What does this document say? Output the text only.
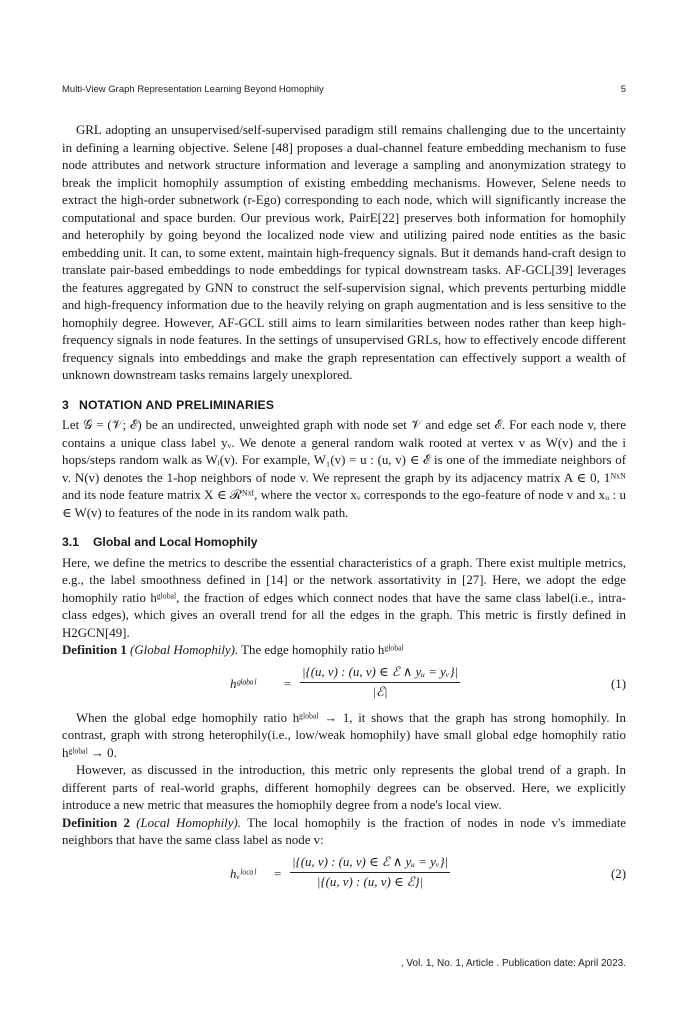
Multi-View Graph Representation Learning Beyond Homophily	5

GRL adopting an unsupervised/self-supervised paradigm still remains challenging due to the uncertainty in defining a learning objective. Selene [48] proposes a dual-channel feature embedding mechanism to fuse node attributes and network structure information and leverage a sampling and anonymization strategy to break the implicit homophily assumption of existing embedding mechanisms. However, Selene needs to extract the high-order subnetwork (r-Ego) corresponding to each node, which will significantly increase the computational and space burden. Our previous work, PairE[22] preserves both information for homophily and heterophily by going beyond the localized node view and utilizing paired node entities as the basic embedding unit. It can, to some extent, maintain high-frequency signals. But it demands hand-craft design to translate pair-based embeddings to node embeddings for typical downstream tasks. AF-GCL[39] leverages the features aggregated by GNN to construct the self-supervision signal, which prevents perturbing middle and high-frequency information due to the heavily relying on graph augmentation and is less sensitive to the homophily degree. However, AF-GCL still aims to learn similarities between nodes rather than keep high-frequency signals in node features. In the settings of unsupervised GRLs, how to effectively encode different frequency signals into embeddings and make the graph representation can effectively support a wealth of unknown downstream tasks remains largely unexplored.

3 NOTATION AND PRELIMINARIES

Let 𝒢 = (𝒱; ℰ) be an undirected, unweighted graph with node set 𝒱 and edge set ℰ. For each node v, there contains a unique class label yᵥ. We denote a general random walk rooted at vertex v as W(v) and the i hops/steps random walk as Wᵢ(v). For example, W₁(v) = u : (u, v) ∈ ℰ is one of the immediate neighbors of v. N(v) denotes the 1-hop neighbors of node v. We represent the graph by its adjacency matrix A ∈ 0, 1ᴺˣᴺ and its node feature matrix X ∈ ℛᴺˣᶠ, where the vector xᵥ corresponds to the ego-feature of node v and xᵤ : u ∈ W(v) to features of the node in its random walk path.

3.1 Global and Local Homophily

Here, we define the metrics to describe the essential characteristics of a graph. There exist multiple metrics, e.g., the label smoothness defined in [14] or the network assortativity in [27]. Here, we adopt the edge homophily ratio hᵍˡᵒᵇᵃˡ, the fraction of edges which connect nodes that have the same class label(i.e., intra-class edges), which gives an overall trend for all the edges in the graph. This metric is firstly defined in H2GCN[49].

Definition 1 (Global Homophily). The edge homophily ratio hᵍˡᵒᵇᵃˡ

hᵍˡᵒᵇᵃˡ =
|{(u, v) : (u, v) ∈ ℰ ∧ yᵤ = yᵥ}|
|ℰ|
(1)

When the global edge homophily ratio hᵍˡᵒᵇᵃˡ → 1, it shows that the graph has strong homophily. In contrast, graph with strong heterophily(i.e., low/weak homophily) have small global edge homophily ratio hᵍˡᵒᵇᵃˡ → 0.

However, as discussed in the introduction, this metric only represents the global trend of a graph. In different parts of real-world graphs, different homophily degrees can be observed. Here, we explicitly introduce a new metric that measures the homophily degree from a node's local view.

Definition 2 (Local Homophily). The local homophily is the fraction of nodes in node v's immediate neighbors that have the same class label as node v:

hᵥˡᵒᶜᵃˡ =
|{(u, v) : (u, v) ∈ ℰ ∧ yᵤ = yᵥ}|
|{(u, v) : (u, v) ∈ ℰ}|
(2)
, Vol. 1, No. 1, Article . Publication date: April 2023.
